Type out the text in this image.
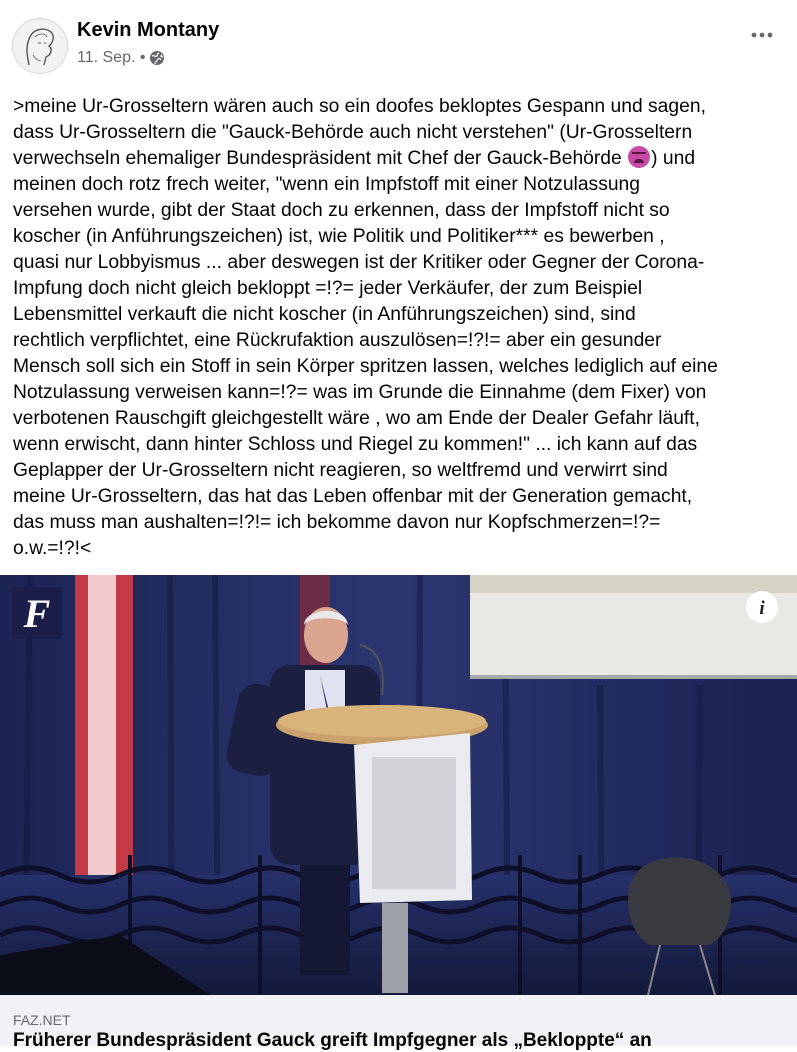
Kevin Montany
11. Sep. •
>meine Ur-Grosseltern wären auch so ein doofes bekloptes Gespann und sagen,
dass Ur-Grosseltern die "Gauck-Behörde auch nicht verstehen" (Ur-Grosseltern
verwechseln ehemaliger Bundespräsident mit Chef der Gauck-Behörde ) und
meinen doch rotz frech weiter, "wenn ein Impfstoff mit einer Notzulassung
versehen wurde, gibt der Staat doch zu erkennen, dass der Impfstoff nicht so
koscher (in Anführungszeichen) ist, wie Politik und Politiker*** es bewerben ,
quasi nur Lobbyismus ... aber deswegen ist der Kritiker oder Gegner der Corona-
Impfung doch nicht gleich bekloppt =!?= jeder Verkäufer, der zum Beispiel
Lebensmittel verkauft die nicht koscher (in Anführungszeichen) sind, sind
rechtlich verpflichtet, eine Rückrufaktion auszulösen=!?!= aber ein gesunder
Mensch soll sich ein Stoff in sein Körper spritzen lassen, welches lediglich auf eine
Notzulassung verweisen kann=!?= was im Grunde die Einnahme (dem Fixer) von
verbotenen Rauschgift gleichgestellt wäre , wo am Ende der Dealer Gefahr läuft,
wenn erwischt, dann hinter Schloss und Riegel zu kommen!" ... ich kann auf das
Geplapper der Ur-Grosseltern nicht reagieren, so weltfremd und verwirrt sind
meine Ur-Grosseltern, das hat das Leben offenbar mit der Generation gemacht,
das muss man aushalten=!?!= ich bekomme davon nur Kopfschmerzen=!?=
o.w.=!?!<
F	i
FAZ.NET
Früherer Bundespräsident Gauck greift Impfgegner als „Bekloppte“ an
